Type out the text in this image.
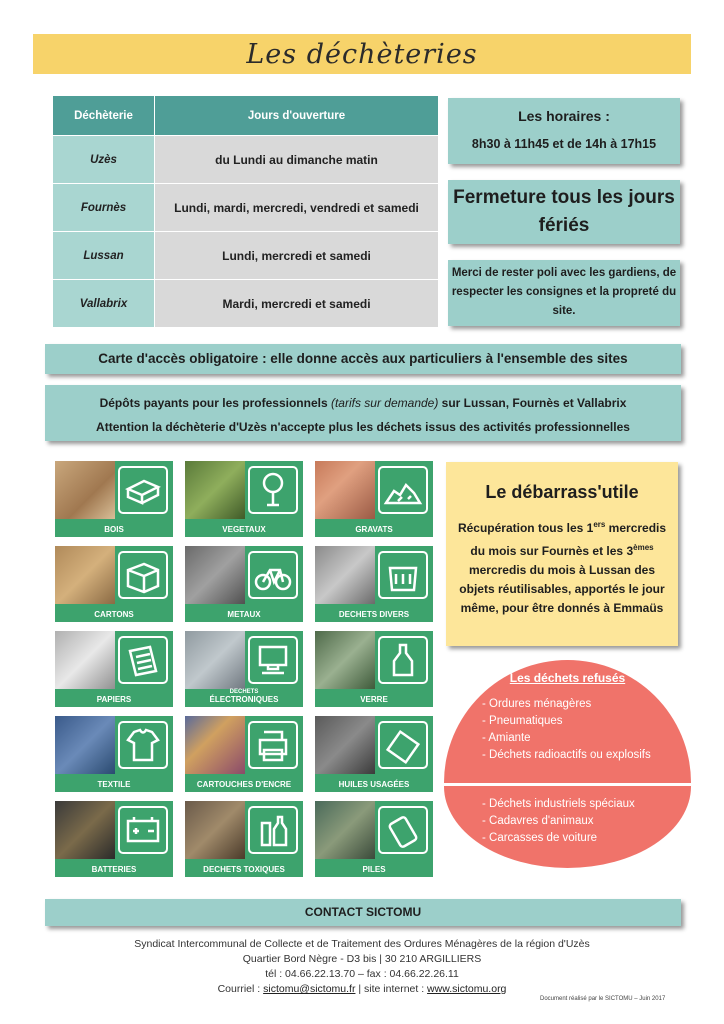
Les déchèteries
Déchèterie	Jours d'ouverture
Uzès	du Lundi au dimanche matin
Fournès	Lundi, mardi, mercredi, vendredi et samedi
Lussan	Lundi, mercredi et samedi
Vallabrix	Mardi, mercredi et samedi
Les horaires :
8h30 à 11h45 et de 14h à 17h15
Fermeture tous les jours fériés
Merci de rester poli avec les gardiens, de respecter les consignes et la propreté du site.
Carte d'accès obligatoire : elle donne accès aux particuliers à l'ensemble des sites
Dépôts payants pour les professionnels (tarifs sur demande) sur Lussan, Fournès et Vallabrix
Attention la déchèterie d'Uzès n'accepte plus les déchets issus des activités professionnelles
BOIS	VEGETAUX	GRAVATS
CARTONS	METAUX	DECHETS DIVERS
PAPIERS
DECHETS
ÉLECTRONIQUES	VERRE
TEXTILE	CARTOUCHES D'ENCRE	HUILES USAGÉES
BATTERIES	DECHETS TOXIQUES	PILES
Le débarrass'utile
Récupération tous les 1ers mercredis du mois sur Fournès et les 3èmes mercredis du mois à Lussan des objets réutilisables, apportés le jour même, pour être donnés à Emmaüs
Les déchets refusés
- Ordures ménagères
- Pneumatiques
- Amiante
- Déchets radioactifs ou explosifs
- Déchets industriels spéciaux
- Cadavres d'animaux
- Carcasses de voiture
CONTACT SICTOMU
Syndicat Intercommunal de Collecte et de Traitement des Ordures Ménagères de la région d'Uzès
Quartier Bord Nègre - D3 bis | 30 210 ARGILLIERS
tél : 04.66.22.13.70 – fax : 04.66.22.26.11
Courriel : sictomu@sictomu.fr | site internet : www.sictomu.org
Document réalisé par le SICTOMU – Juin 2017
